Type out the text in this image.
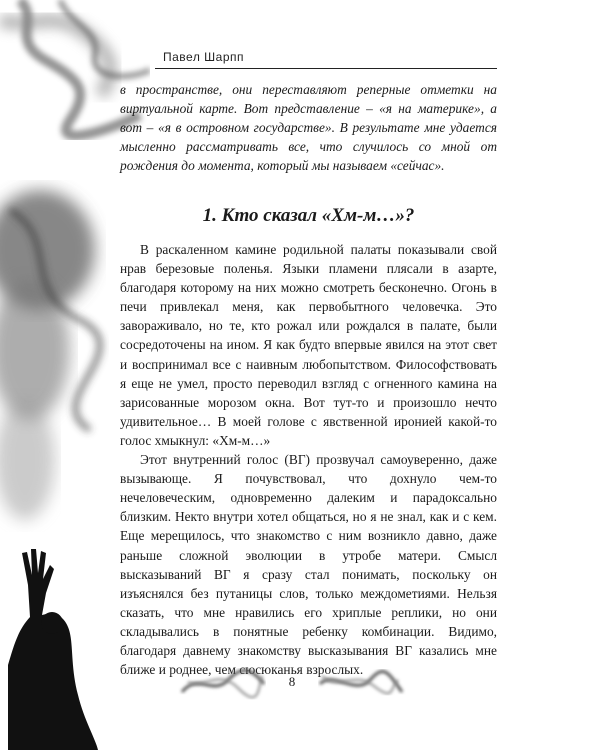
Павел Шарпп

в пространстве, они переставляют реперные отметки на виртуальной карте. Вот представление – «я на материке», а вот – «я в островном государстве». В результате мне удается мысленно рассматривать все, что случилось со мной от рождения до момента, который мы называем «сейчас».

1. Кто сказал «Хм-м…»?

В раскаленном камине родильной палаты показывали свой нрав березовые поленья. Языки пламени плясали в азарте, благодаря которому на них можно смотреть бесконечно. Огонь в печи привлекал меня, как первобытного человечка. Это завораживало, но те, кто рожал или рождался в палате, были сосредоточены на ином. Я как будто впервые явился на этот свет и воспринимал все с наивным любопытством. Философствовать я еще не умел, просто переводил взгляд с огненного камина на зарисованные морозом окна. Вот тут-то и произошло нечто удивительное… В моей голове с явственной иронией какой-то голос хмыкнул: «Хм-м…»

Этот внутренний голос (ВГ) прозвучал самоуверенно, даже вызывающе. Я почувствовал, что дохнуло чем-то нечеловеческим, одновременно далеким и парадоксально близким. Некто внутри хотел общаться, но я не знал, как и с кем. Еще мерещилось, что знакомство с ним возникло давно, даже раньше сложной эволюции в утробе матери. Смысл высказываний ВГ я сразу стал понимать, поскольку он изъяснялся без путаницы слов, только междометиями. Нельзя сказать, что мне нравились его хриплые реплики, но они складывались в понятные ребенку комбинации. Видимо, благодаря давнему знакомству высказывания ВГ казались мне ближе и роднее, чем сюсюканья взрослых.

8
